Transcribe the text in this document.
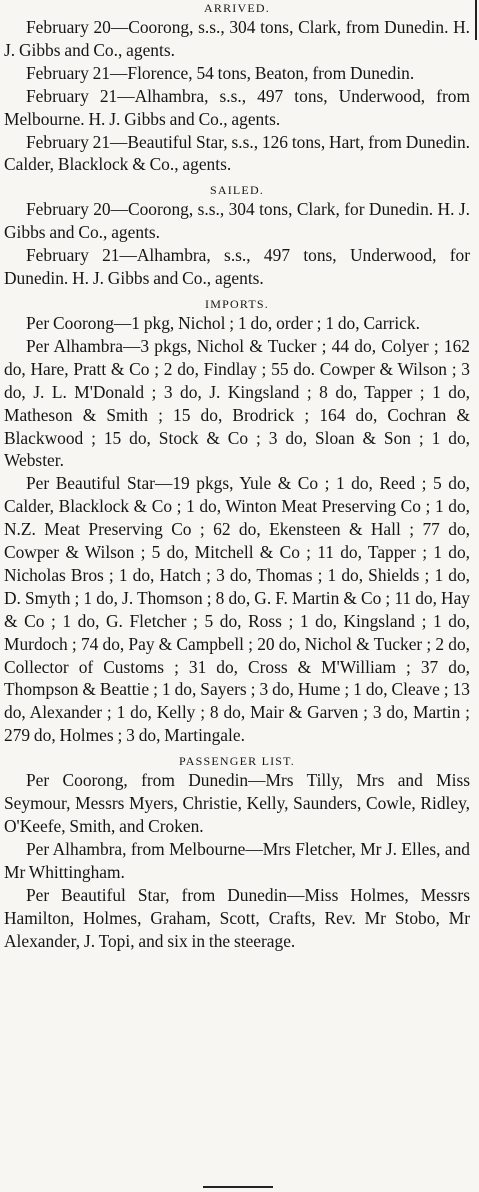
ARRIVED.

February 20—Coorong, s.s., 304 tons, Clark, from Dunedin. H. J. Gibbs and Co., agents.

February 21—Florence, 54 tons, Beaton, from Dunedin.

February 21—Alhambra, s.s., 497 tons, Underwood, from Melbourne. H. J. Gibbs and Co., agents.

February 21—Beautiful Star, s.s., 126 tons, Hart, from Dunedin. Calder, Blacklock & Co., agents.

SAILED.

February 20—Coorong, s.s., 304 tons, Clark, for Dunedin. H. J. Gibbs and Co., agents.

February 21—Alhambra, s.s., 497 tons, Underwood, for Dunedin. H. J. Gibbs and Co., agents.

IMPORTS.

Per Coorong—1 pkg, Nichol ; 1 do, order ; 1 do, Carrick.

Per Alhambra—3 pkgs, Nichol & Tucker ; 44 do, Colyer ; 162 do, Hare, Pratt & Co ; 2 do, Findlay ; 55 do. Cowper & Wilson ; 3 do, J. L. M'Donald ; 3 do, J. Kingsland ; 8 do, Tapper ; 1 do, Matheson & Smith ; 15 do, Brodrick ; 164 do, Cochran & Blackwood ; 15 do, Stock & Co ; 3 do, Sloan & Son ; 1 do, Webster.

Per Beautiful Star—19 pkgs, Yule & Co ; 1 do, Reed ; 5 do, Calder, Blacklock & Co ; 1 do, Winton Meat Preserving Co ; 1 do, N.Z. Meat Preserving Co ; 62 do, Ekensteen & Hall ; 77 do, Cowper & Wilson ; 5 do, Mitchell & Co ; 11 do, Tapper ; 1 do, Nicholas Bros ; 1 do, Hatch ; 3 do, Thomas ; 1 do, Shields ; 1 do, D. Smyth ; 1 do, J. Thomson ; 8 do, G. F. Martin & Co ; 11 do, Hay & Co ; 1 do, G. Fletcher ; 5 do, Ross ; 1 do, Kingsland ; 1 do, Murdoch ; 74 do, Pay & Campbell ; 20 do, Nichol & Tucker ; 2 do, Collector of Customs ; 31 do, Cross & M'William ; 37 do, Thompson & Beattie ; 1 do, Sayers ; 3 do, Hume ; 1 do, Cleave ; 13 do, Alexander ; 1 do, Kelly ; 8 do, Mair & Garven ; 3 do, Martin ; 279 do, Holmes ; 3 do, Martingale.

PASSENGER LIST.

Per Coorong, from Dunedin—Mrs Tilly, Mrs and Miss Seymour, Messrs Myers, Christie, Kelly, Saunders, Cowle, Ridley, O'Keefe, Smith, and Croken.

Per Alhambra, from Melbourne—Mrs Fletcher, Mr J. Elles, and Mr Whittingham.

Per Beautiful Star, from Dunedin—Miss Holmes, Messrs Hamilton, Holmes, Graham, Scott, Crafts, Rev. Mr Stobo, Mr Alexander, J. Topi, and six in the steerage.
